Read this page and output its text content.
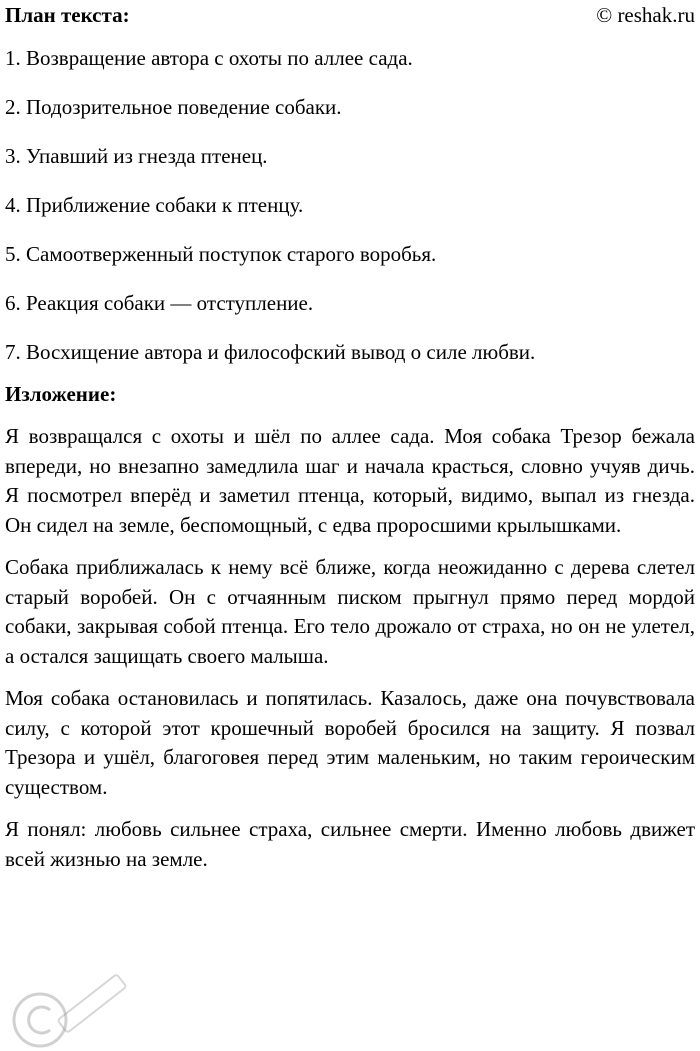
План текста:	© reshak.ru
1. Возвращение автора с охоты по аллее сада.
2. Подозрительное поведение собаки.
3. Упавший из гнезда птенец.
4. Приближение собаки к птенцу.
5. Самоотверженный поступок старого воробья.
6. Реакция собаки — отступление.
7. Восхищение автора и философский вывод о силе любви.
Изложение:

Я возвращался с охоты и шёл по аллее сада. Моя собака Трезор бежала впереди, но внезапно замедлила шаг и начала красться, словно учуяв дичь. Я посмотрел вперёд и заметил птенца, который, видимо, выпал из гнезда. Он сидел на земле, беспомощный, с едва проросшими крылышками.

Собака приближалась к нему всё ближе, когда неожиданно с дерева слетел старый воробей. Он с отчаянным писком прыгнул прямо перед мордой собаки, закрывая собой птенца. Его тело дрожало от страха, но он не улетел, а остался защищать своего малыша.

Моя собака остановилась и попятилась. Казалось, даже она почувствовала силу, с которой этот крошечный воробей бросился на защиту. Я позвал Трезора и ушёл, благоговея перед этим маленьким, но таким героическим существом.

Я понял: любовь сильнее страха, сильнее смерти. Именно любовь движет всей жизнью на земле.
